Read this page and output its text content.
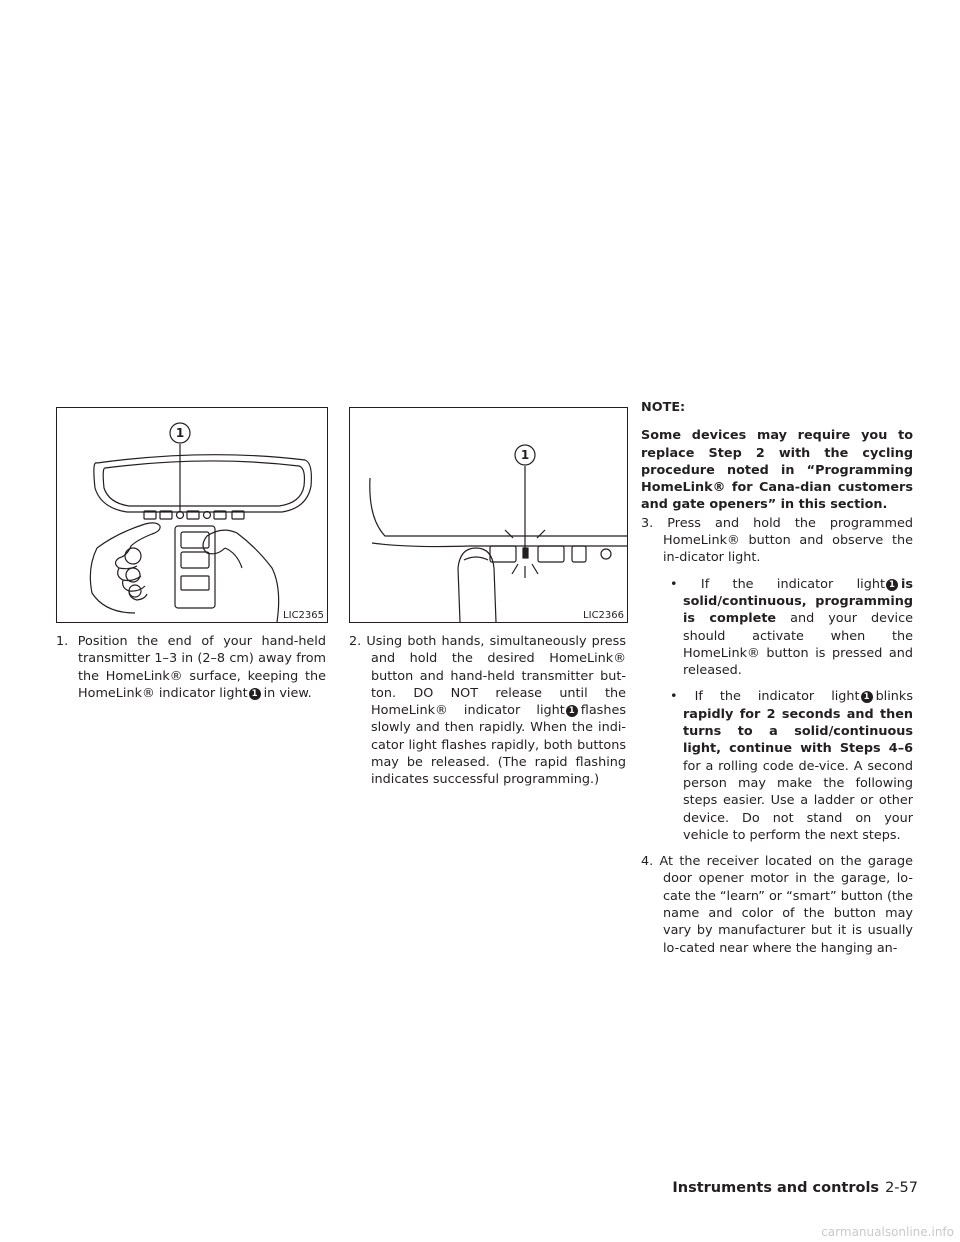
1
LIC2365
1
LIC2366

1. Position the end of your hand-held transmitter 1–3 in (2–8 cm) away from the HomeLink® surface, keeping the HomeLink® indicator light 1 in view.

2. Using both hands, simultaneously press and hold the desired HomeLink® button and hand-held transmitter but-ton. DO NOT release until the HomeLink® indicator light 1 flashes slowly and then rapidly. When the indi-cator light flashes rapidly, both buttons may be released. (The rapid flashing indicates successful programming.)

NOTE:

Some devices may require you to replace Step 2 with the cycling procedure noted in “Programming HomeLink® for Cana-dian customers and gate openers” in this section.

3. Press and hold the programmed HomeLink® button and observe the in-dicator light.

• If the indicator light 1 is solid/continuous, programming is complete and your device should activate when the HomeLink® button is pressed and released.

• If the indicator light 1 blinks rapidly for 2 seconds and then turns to a solid/continuous light, continue with Steps 4–6 for a rolling code de-vice. A second person may make the following steps easier. Use a ladder or other device. Do not stand on your vehicle to perform the next steps.

4. At the receiver located on the garage door opener motor in the garage, lo-cate the “learn” or “smart” button (the name and color of the button may vary by manufacturer but it is usually lo-cated near where the hanging an-

Instruments and controls 2-57
carmanualsonline.info
